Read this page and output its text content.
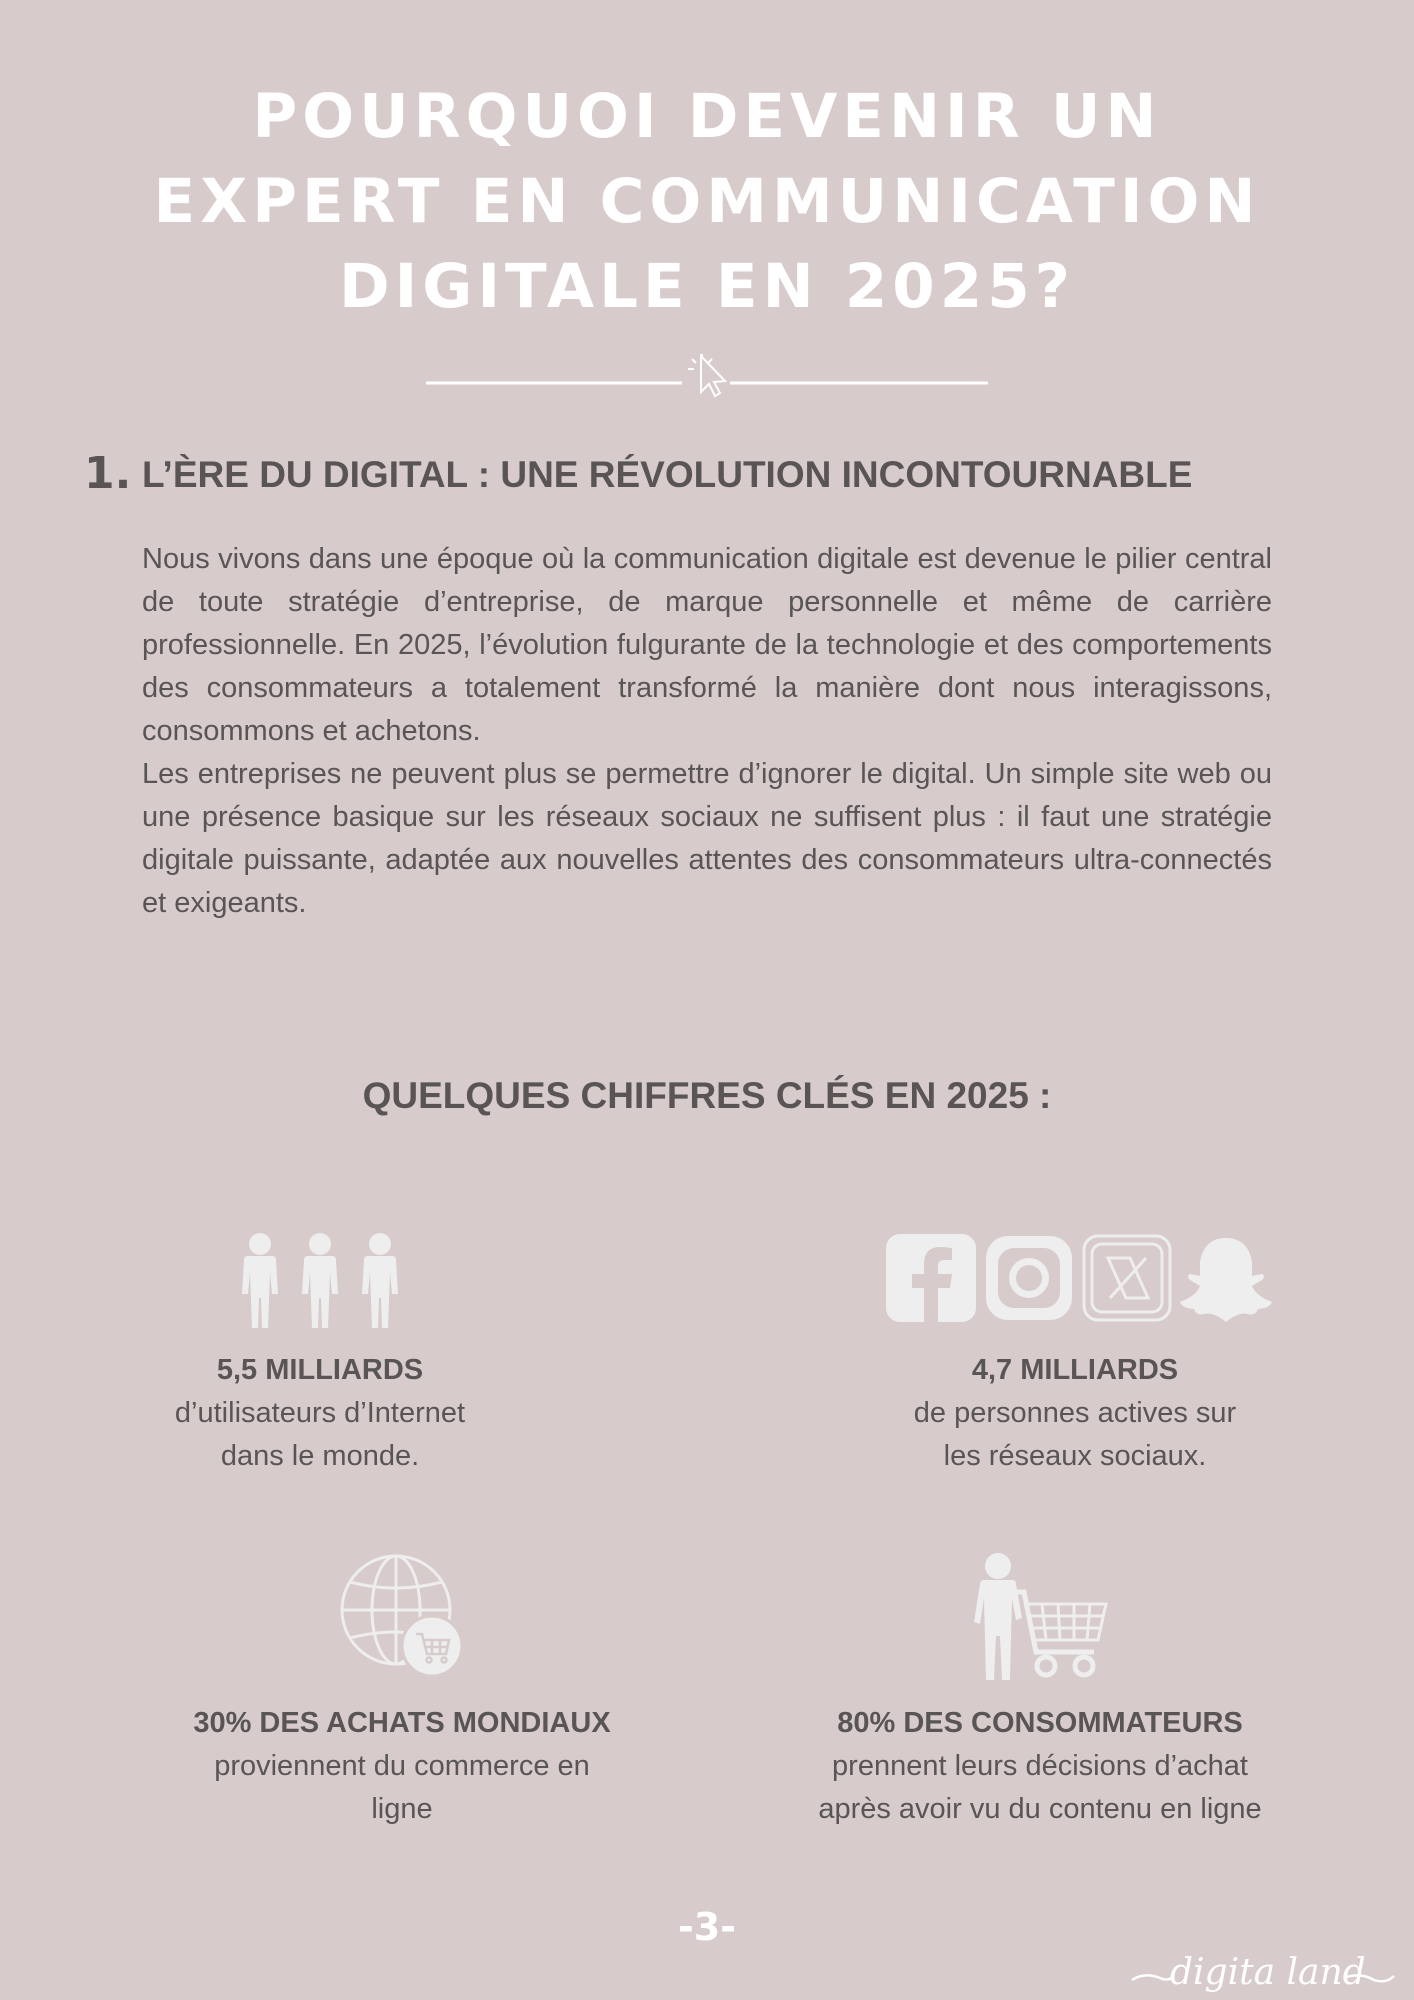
POURQUOI DEVENIR UN
EXPERT EN COMMUNICATION
DIGITALE EN 2025?
1. L’ÈRE DU DIGITAL : UNE RÉVOLUTION INCONTOURNABLE

Nous vivons dans une époque où la communication digitale est devenue le pilier central de toute stratégie d’entreprise, de marque personnelle et même de carrière professionnelle. En 2025, l’évolution fulgurante de la technologie et des comportements des consommateurs a totalement transformé la manière dont nous interagissons, consommons et achetons.

Les entreprises ne peuvent plus se permettre d’ignorer le digital. Un simple site web ou une présence basique sur les réseaux sociaux ne suffisent plus : il faut une stratégie digitale puissante, adaptée aux nouvelles attentes des consommateurs ultra-connectés et exigeants.

QUELQUES CHIFFRES CLÉS EN 2025 :
5,5 MILLIARDS
d’utilisateurs d’Internet
dans le monde.
4,7 MILLIARDS
de personnes actives sur
les réseaux sociaux.
30% DES ACHATS MONDIAUX
proviennent du commerce en
ligne
80% DES CONSOMMATEURS
prennent leurs décisions d’achat
après avoir vu du contenu en ligne
-3-
digita land
